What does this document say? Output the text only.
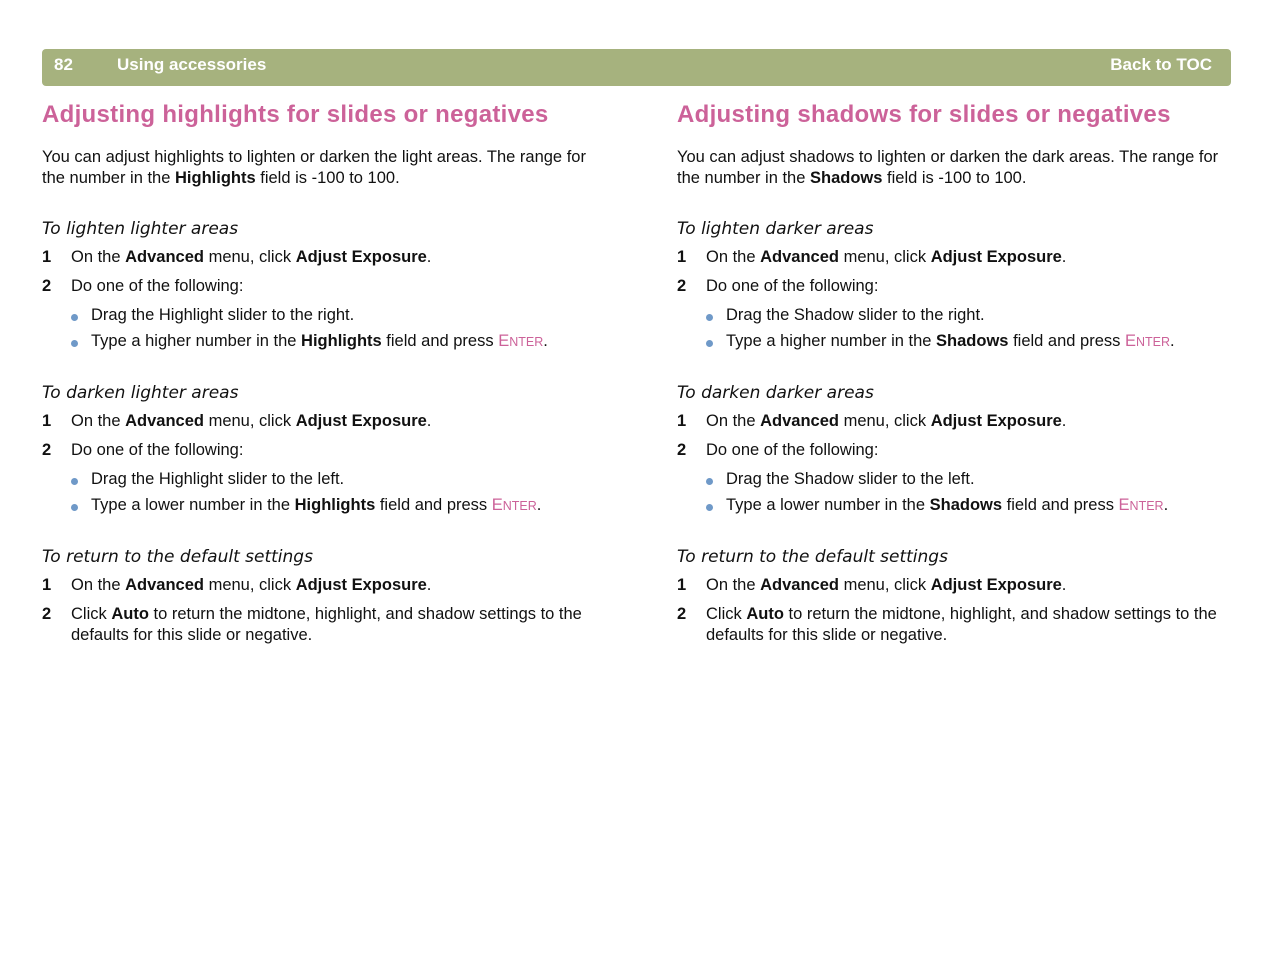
82	Using accessories	Back to TOC
Adjusting highlights for slides or negatives

You can adjust highlights to lighten or darken the light areas. The range for the number in the Highlights field is -100 to 100.

To lighten lighter areas
1 On the Advanced menu, click Adjust Exposure.
2 Do one of the following:
Drag the Highlight slider to the right.
Type a higher number in the Highlights field and press ENTER.
To darken lighter areas
1 On the Advanced menu, click Adjust Exposure.
2 Do one of the following:
Drag the Highlight slider to the left.
Type a lower number in the Highlights field and press ENTER.
To return to the default settings
1 On the Advanced menu, click Adjust Exposure.
2 Click Auto to return the midtone, highlight, and shadow settings to the defaults for this slide or negative.
Adjusting shadows for slides or negatives

You can adjust shadows to lighten or darken the dark areas. The range for the number in the Shadows field is -100 to 100.

To lighten darker areas
1 On the Advanced menu, click Adjust Exposure.
2 Do one of the following:
Drag the Shadow slider to the right.
Type a higher number in the Shadows field and press ENTER.
To darken darker areas
1 On the Advanced menu, click Adjust Exposure.
2 Do one of the following:
Drag the Shadow slider to the left.
Type a lower number in the Shadows field and press ENTER.
To return to the default settings
1 On the Advanced menu, click Adjust Exposure.
2 Click Auto to return the midtone, highlight, and shadow settings to the defaults for this slide or negative.
